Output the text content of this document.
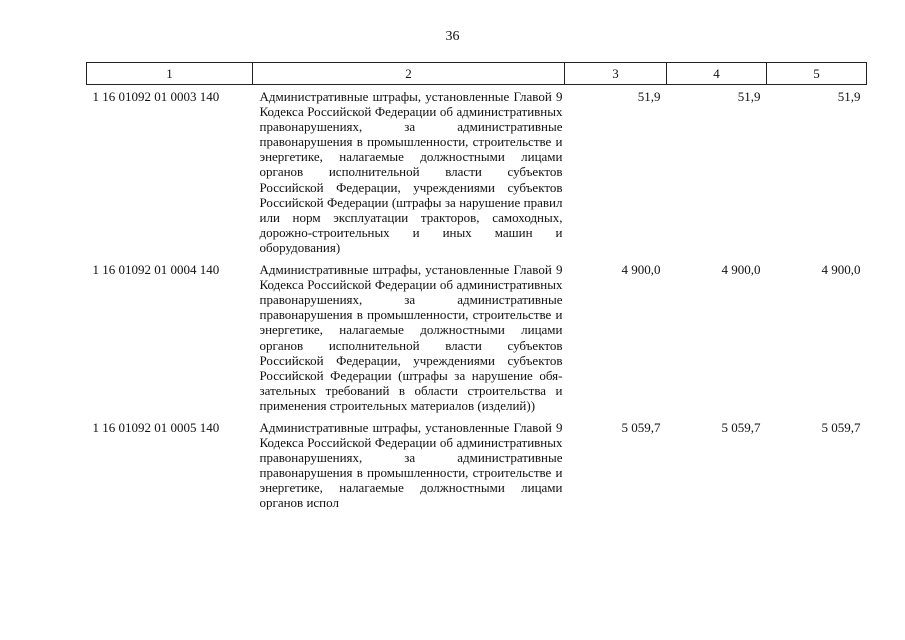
36
1	2	3	4	5
1 16 01092 01 0003 140	Административные штрафы, установленные Главой 9 Кодекса Российской Федерации об административных правонарушениях, за административные правонарушения в промышленности, строительстве и энергетике, налагаемые должностными лицами органов исполнительной власти субъектов Российской Федерации, учреждениями субъектов Российской Федерации (штрафы за нарушение правил или норм эксплуатации тракторов, самоходных, дорожно-строительных и иных машин и оборудования)	51,9	51,9	51,9
1 16 01092 01 0004 140	Административные штрафы, установленные Главой 9 Кодекса Российской Федерации об административных правонарушениях, за административные правонарушения в промышленности, строительстве и энергетике, налагаемые должностными лицами органов исполнительной власти субъектов Российской Федерации, учреждениями субъектов Российской Федерации (штрафы за нарушение обязательных требований в области строительства и применения строительных материалов (изделий))	4 900,0	4 900,0	4 900,0
1 16 01092 01 0005 140	Административные штрафы, установленные Главой 9 Кодекса Российской Федерации об административных правонарушениях, за административные правонарушения в промышленности, строительстве и энергетике, налагаемые должностными лицами органов испол	5 059,7	5 059,7	5 059,7
